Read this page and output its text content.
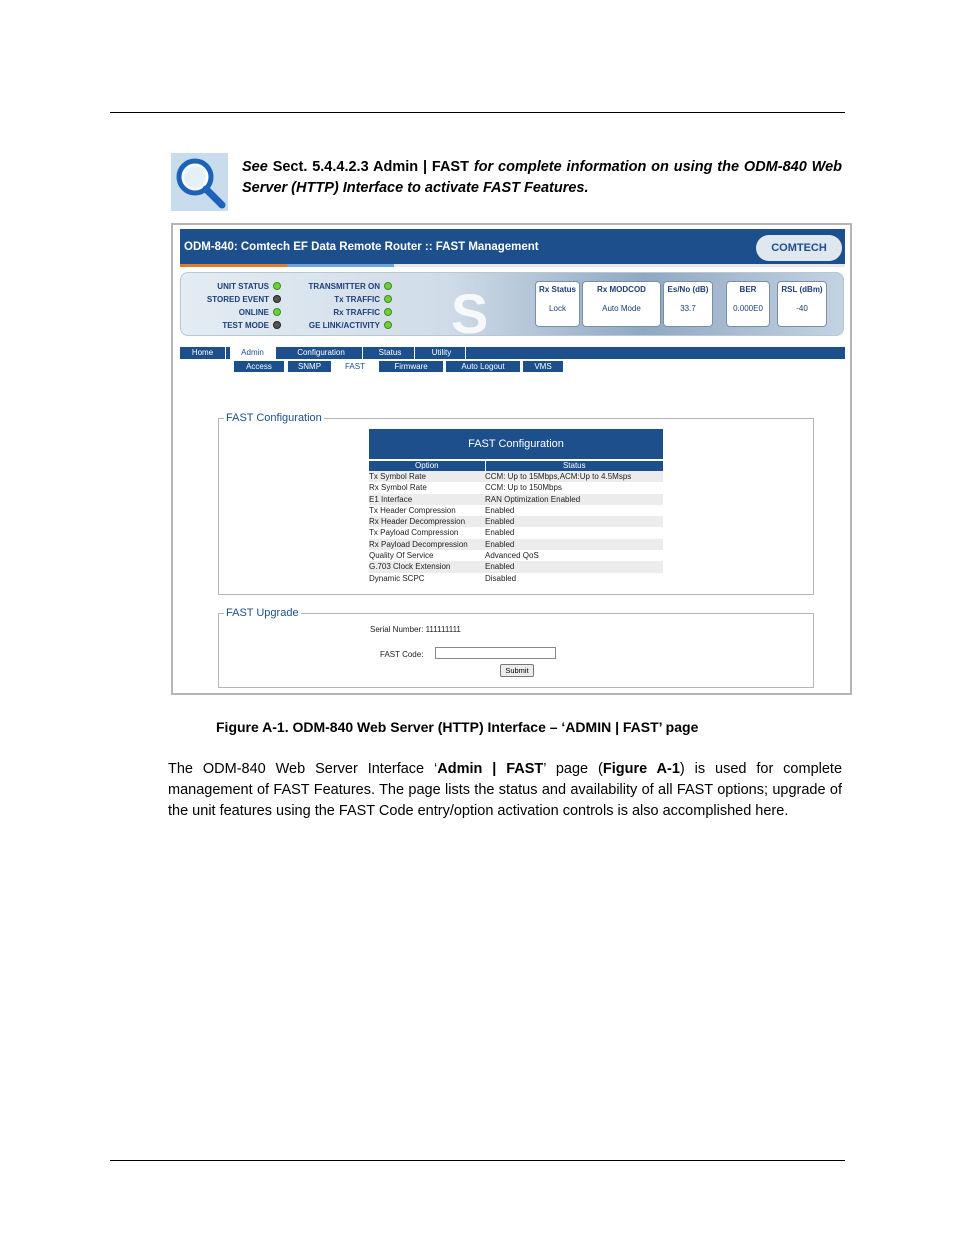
See Sect. 5.4.4.2.3 Admin | FAST for complete information on using the ODM-840 Web Server (HTTP) Interface to activate FAST Features.
ODM-840: Comtech EF Data Remote Router :: FAST Management	COMTECH
S
UNIT STATUS
STORED EVENT
ONLINE
TEST MODE
TRANSMITTER ON
Tx TRAFFIC
Rx TRAFFIC
GE LINK/ACTIVITY
Rx Status
Lock
Rx MODCOD
Auto Mode
Es/No (dB)
33.7
BER
0.000E0
RSL (dBm)
-40
Home	Admin	Configuration	Status	Utility
Access	SNMP	FAST	Firmware	Auto Logout	VMS
FAST Configuration
FAST Configuration
Option	Status
Tx Symbol Rate	CCM: Up to 15Mbps,ACM:Up to 4.5Msps
Rx Symbol Rate	CCM: Up to 150Mbps
E1 Interface	RAN Optimization Enabled
Tx Header Compression	Enabled
Rx Header Decompression	Enabled
Tx Payload Compression	Enabled
Rx Payload Decompression	Enabled
Quality Of Service	Advanced QoS
G.703 Clock Extension	Enabled
Dynamic SCPC	Disabled
FAST Upgrade
Serial Number: 111111111
FAST Code:
Submit
Figure A-1. ODM-840 Web Server (HTTP) Interface – ‘ADMIN | FAST’ page
The ODM-840 Web Server Interface ‘Admin | FAST’ page (Figure A-1) is used for complete management of FAST Features. The page lists the status and availability of all FAST options; upgrade of the unit features using the FAST Code entry/option activation controls is also accomplished here.
